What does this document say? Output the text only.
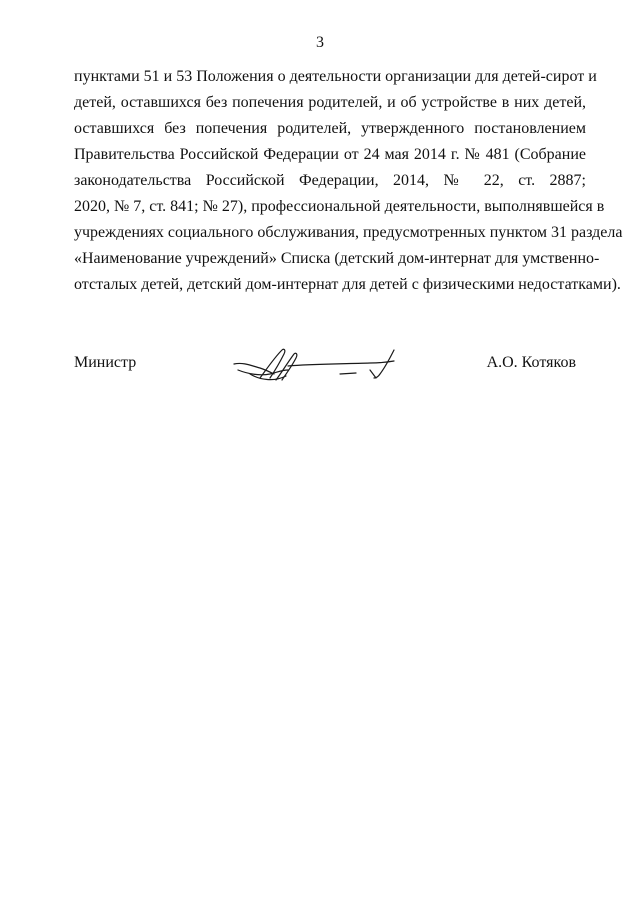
3
пунктами 51 и 53 Положения о деятельности организации для детей-сирот и
детей, оставшихся без попечения родителей, и об устройстве в них детей,
оставшихся без попечения родителей, утвержденного постановлением
Правительства Российской Федерации от 24 мая 2014 г. № 481 (Собрание
законодательства Российской Федерации, 2014, № 22, ст. 2887;
2020, № 7, ст. 841; № 27), профессиональной деятельности, выполнявшейся в
учреждениях социального обслуживания, предусмотренных пунктом 31 раздела
«Наименование учреждений» Списка (детский дом-интернат для умственно-
отсталых детей, детский дом-интернат для детей с физическими недостатками).
Министр	А.О. Котяков
